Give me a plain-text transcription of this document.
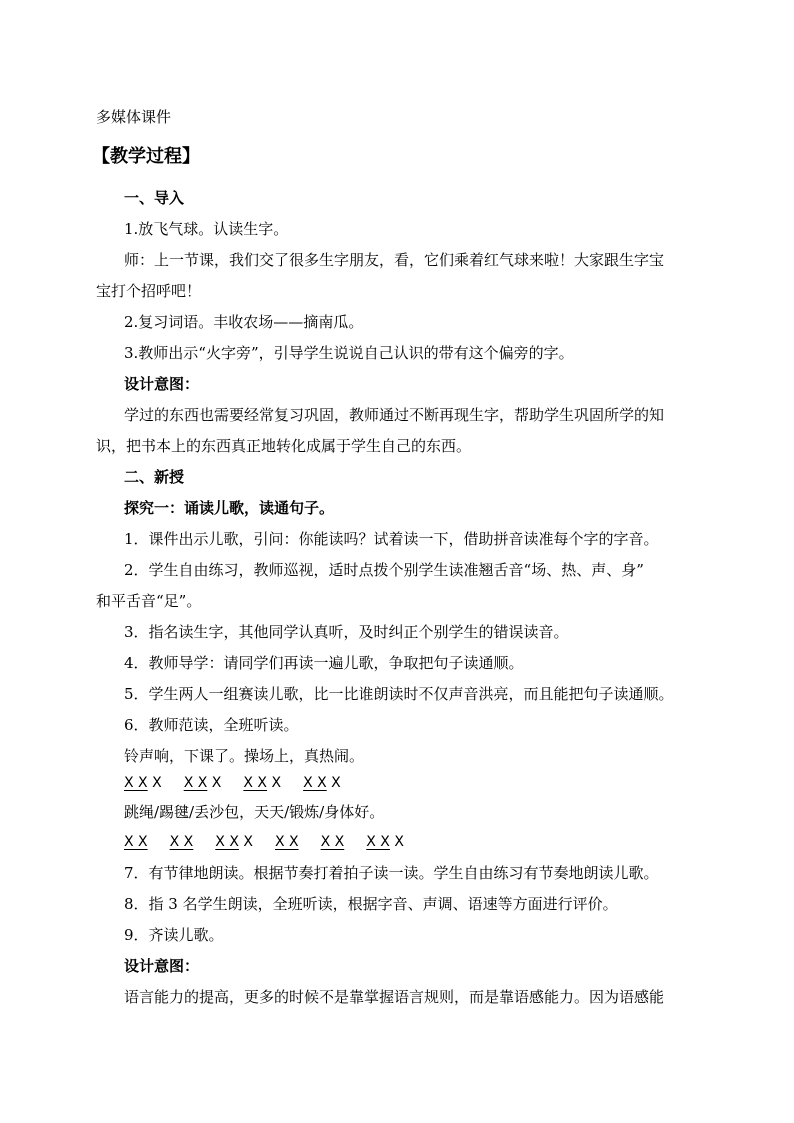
多媒体课件
【教学过程】
一、导入
1.放飞气球。认读生字。
师：上一节课，我们交了很多生字朋友，看，它们乘着红气球来啦！大家跟生字宝
宝打个招呼吧！
2.复习词语。丰收农场——摘南瓜。
3.教师出示“火字旁”，引导学生说说自己认识的带有这个偏旁的字。
设计意图：
学过的东西也需要经常复习巩固，教师通过不断再现生字，帮助学生巩固所学的知
识，把书本上的东西真正地转化成属于学生自己的东西。
二、新授
探究一：诵读儿歌，读通句子。
1．课件出示儿歌，引问：你能读吗？试着读一下，借助拼音读准每个字的字音。
2．学生自由练习，教师巡视，适时点拨个别学生读准翘舌音“场、热、声、身”
和平舌音“足”。
3．指名读生字，其他同学认真听，及时纠正个别学生的错误读音。
4．教师导学：请同学们再读一遍儿歌，争取把句子读通顺。
5．学生两人一组赛读儿歌，比一比谁朗读时不仅声音洪亮，而且能把句子读通顺。
6．教师范读，全班听读。
铃声响，下课了。操场上，真热闹。
X X X X X X X X X X X X
跳绳/踢毽/丢沙包，天天/锻炼/身体好。
X X X X X X X X X X X X X X
7．有节律地朗读。根据节奏打着拍子读一读。学生自由练习有节奏地朗读儿歌。
8．指 3 名学生朗读，全班听读，根据字音、声调、语速等方面进行评价。
9．齐读儿歌。
设计意图：
语言能力的提高，更多的时候不是靠掌握语言规则，而是靠语感能力。因为语感能
